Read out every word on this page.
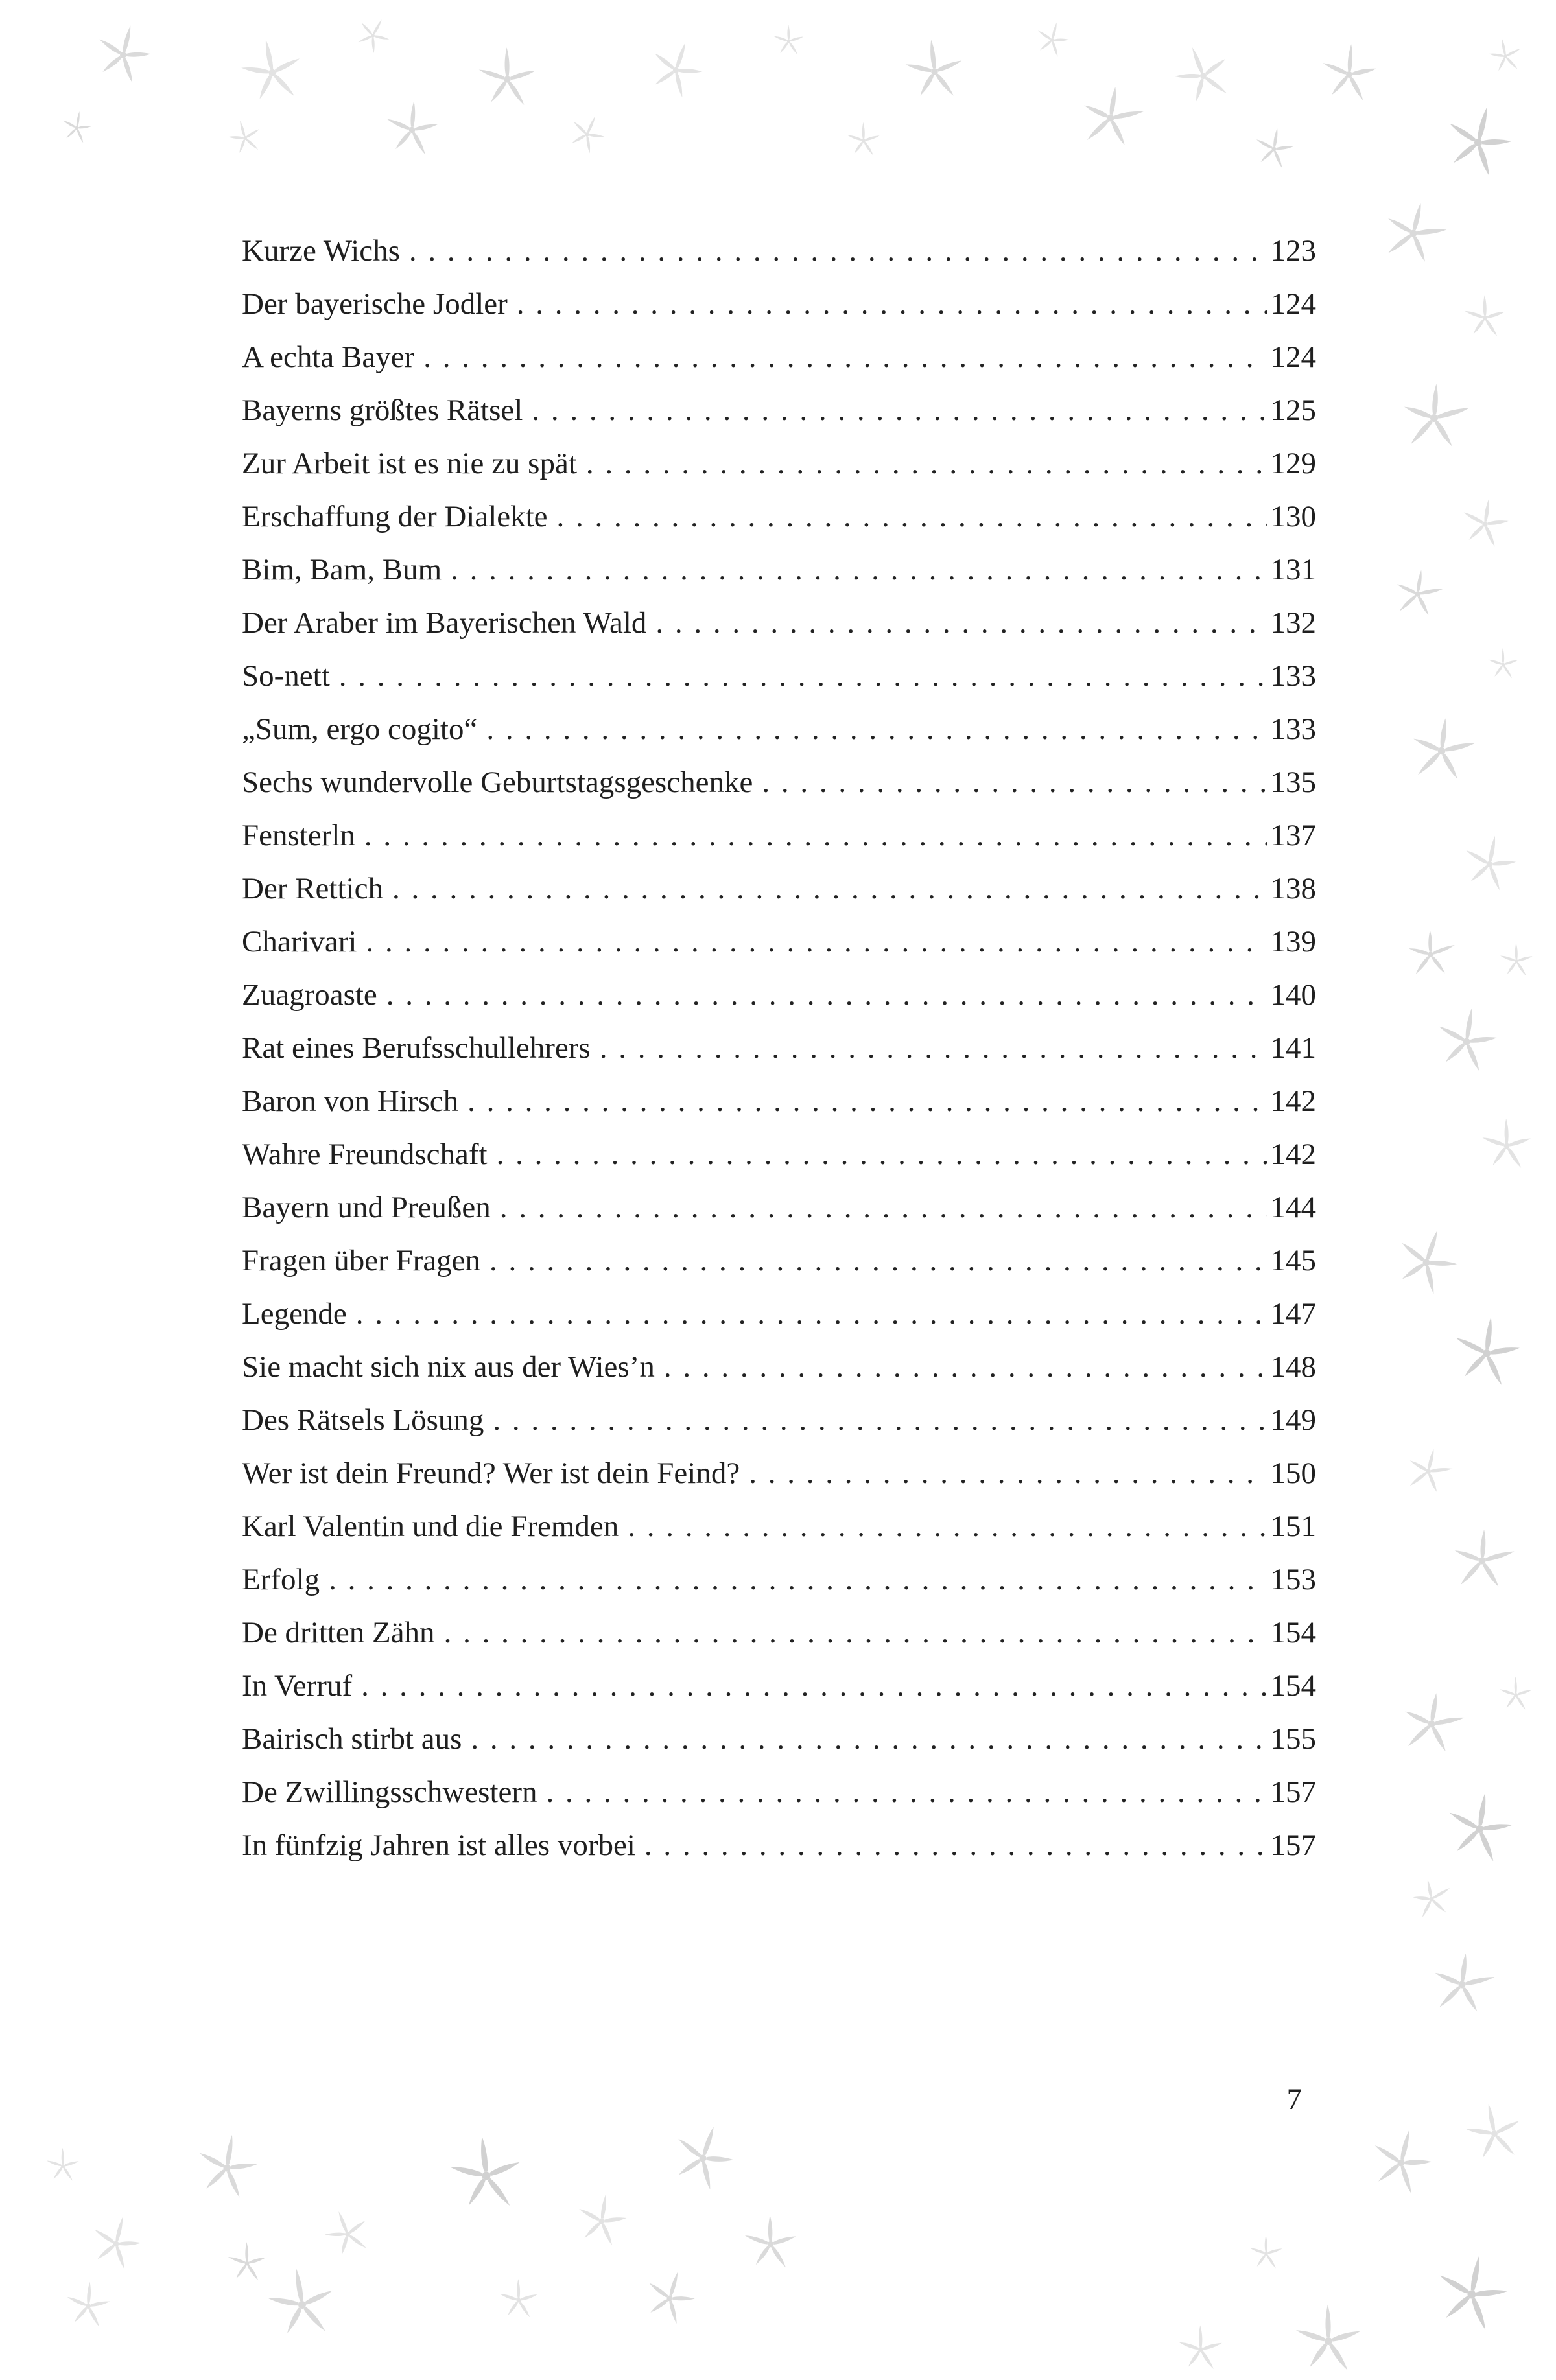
Kurze Wichs . . .	123
Der bayerische Jodler . . .	124
A echta Bayer . . .	124
Bayerns größtes Rätsel . . .	125
Zur Arbeit ist es nie zu spät . . .	129
Erschaffung der Dialekte . . .	130
Bim, Bam, Bum . . .	131
Der Araber im Bayerischen Wald . . .	132
So-nett . . .	133
„Sum, ergo cogito“ . . .	133
Sechs wundervolle Geburtstagsgeschenke . . .	135
Fensterln . . .	137
Der Rettich . . .	138
Charivari . . .	139
Zuagroaste . . .	140
Rat eines Berufsschullehrers . . .	141
Baron von Hirsch . . .	142
Wahre Freundschaft . . .	142
Bayern und Preußen . . .	144
Fragen über Fragen . . .	145
Legende . . .	147
Sie macht sich nix aus der Wies’n . . .	148
Des Rätsels Lösung . . .	149
Wer ist dein Freund? Wer ist dein Feind? . . .	150
Karl Valentin und die Fremden . . .	151
Erfolg . . .	153
De dritten Zähn . . .	154
In Verruf . . .	154
Bairisch stirbt aus . . .	155
De Zwillingsschwestern . . .	157
In fünfzig Jahren ist alles vorbei . . .	157
7
